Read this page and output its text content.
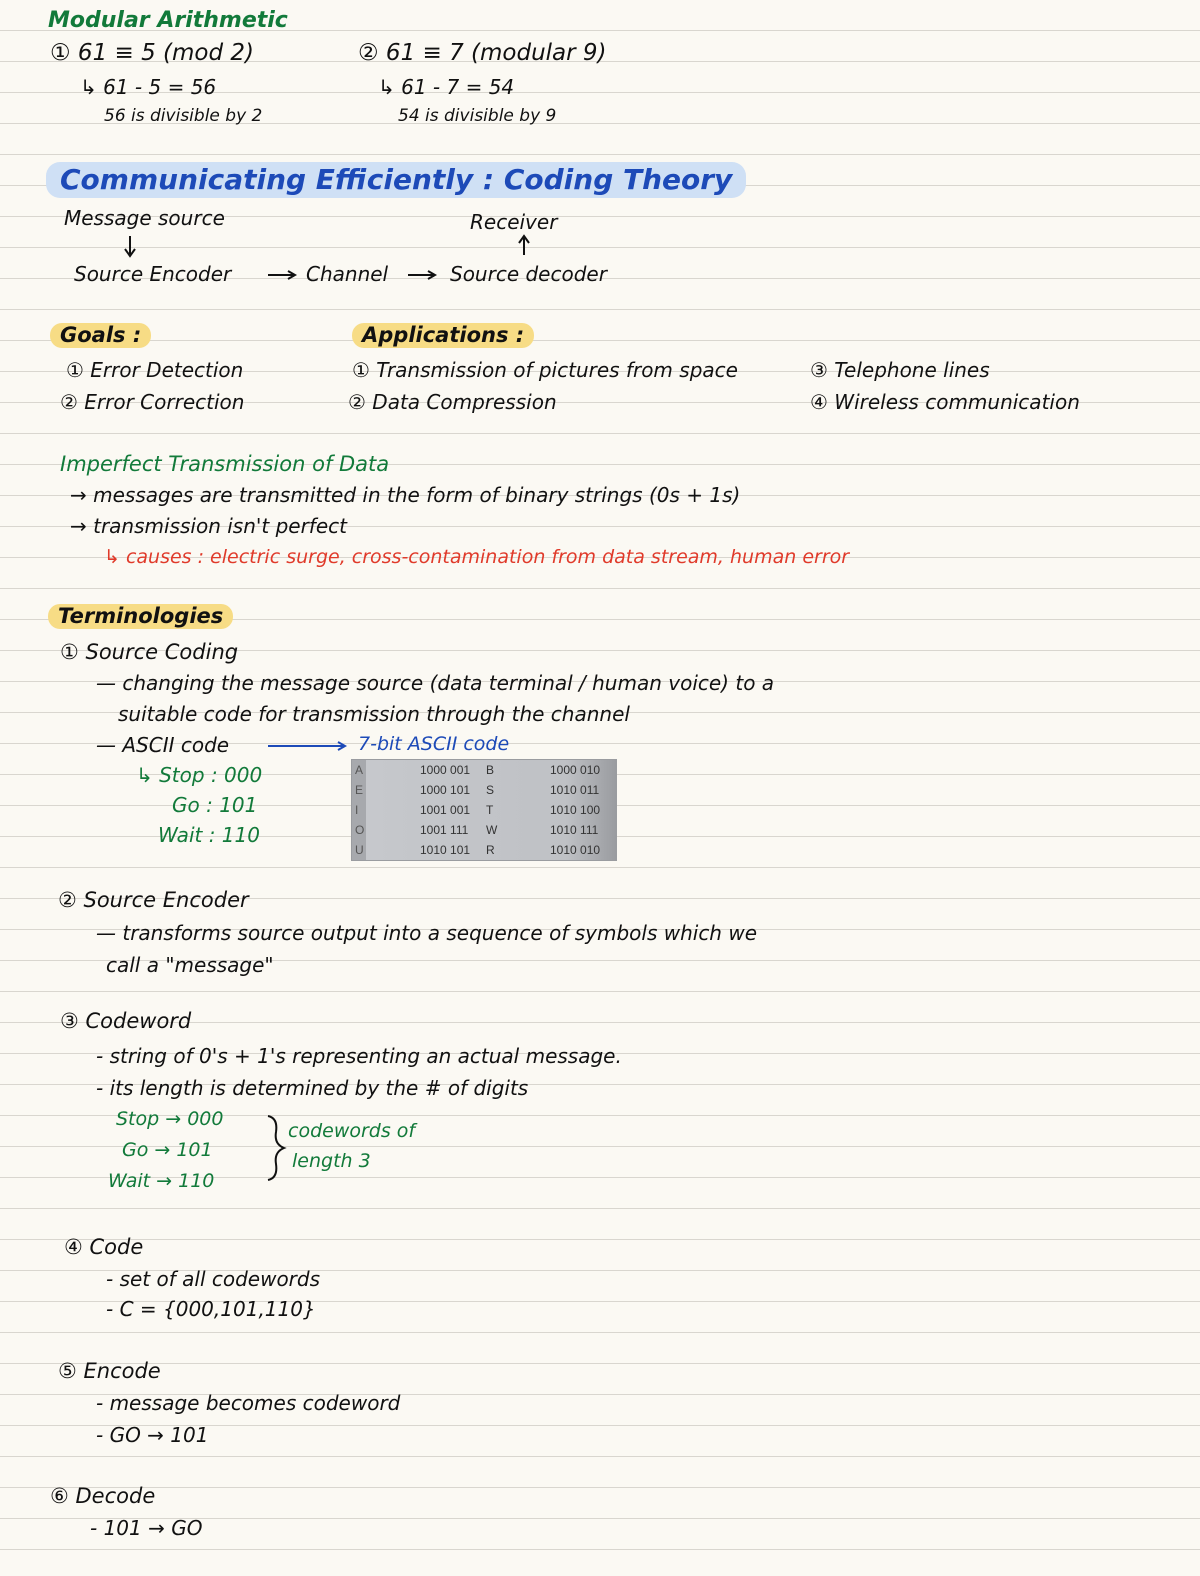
Modular Arithmetic
① 61 ≡ 5 (mod 2)
↳ 61 - 5 = 56
56 is divisible by 2
② 61 ≡ 7 (modular 9)
↳ 61 - 7 = 54
54 is divisible by 9
Communicating Efficiently : Coding Theory
Message source	Receiver
Source Encoder	Channel	Source decoder
Goals :
① Error Detection
② Error Correction
Applications :
① Transmission of pictures from space
② Data Compression
③ Telephone lines
④ Wireless communication
Imperfect Transmission of Data
→ messages are transmitted in the form of binary strings (0s + 1s)
→ transmission isn't perfect
↳ causes : electric surge, cross-contamination from data stream, human error
Terminologies
① Source Coding
— changing the message source (data terminal / human voice) to a
suitable code for transmission through the channel
— ASCII code	7-bit ASCII code
↳ Stop : 000
Go : 101
Wait : 110
A	1000 001 B	1000 010
E	1000 101 S	1010 011
I	1001 001 T	1010 100
O	1001 111 W	1010 111
U	1010 101 R	1010 010
② Source Encoder
— transforms source output into a sequence of symbols which we
call a "message"
③ Codeword
- string of 0's + 1's representing an actual message.
- its length is determined by the # of digits
Stop → 000
Go → 101
Wait → 110
codewords of
length 3
④ Code
- set of all codewords
- C = {000,101,110}
⑤ Encode
- message becomes codeword
- GO → 101
⑥ Decode
- 101 → GO
